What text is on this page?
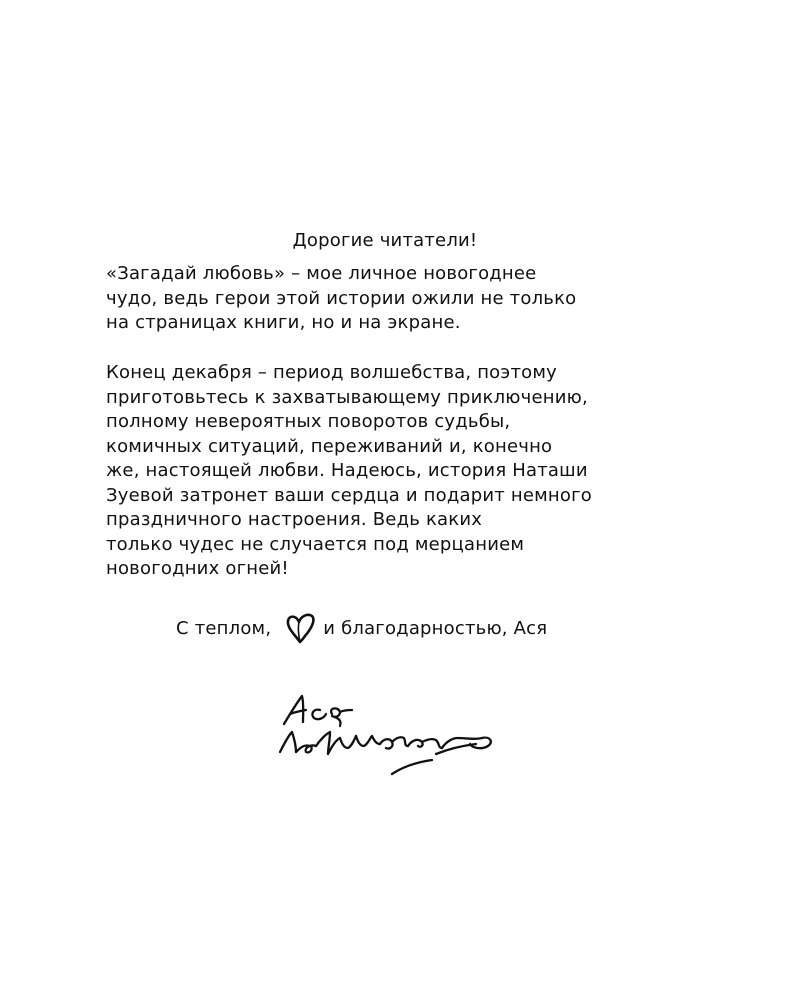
Дорогие читатели!
«Загадай любовь» – мое личное новогоднее
чудо, ведь герои этой истории ожили не только
на страницах книги, но и на экране.
Конец декабря – период волшебства, поэтому
приготовьтесь к захватывающему приключению,
полному невероятных поворотов судьбы,
комичных ситуаций, переживаний и, конечно
же, настоящей любви. Надеюсь, история Наташи
Зуевой затронет ваши сердца и подарит немного
праздничного настроения. Ведь каких
только чудес не случается под мерцанием
новогодних огней!
С теплом,	и благодарностью, Ася
